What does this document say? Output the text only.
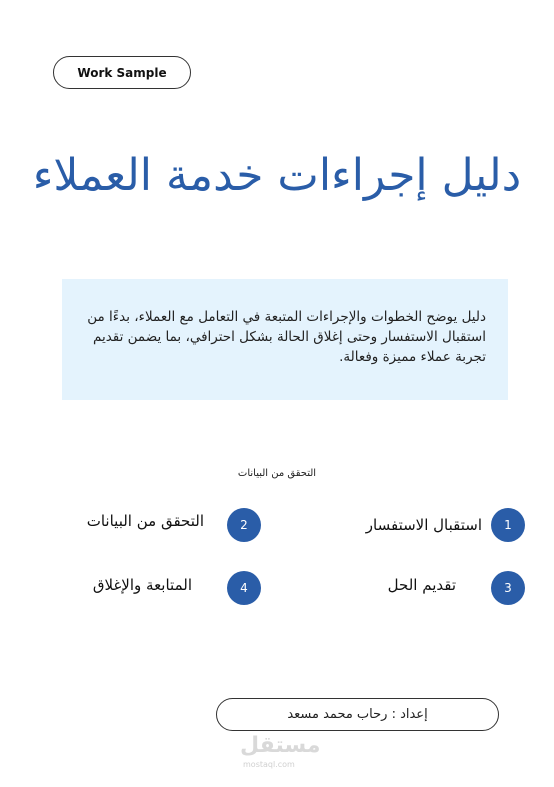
Work Sample
دليل إجراءات خدمة العملاء
دليل يوضح الخطوات والإجراءات المتبعة في التعامل مع العملاء، بدءًا من استقبال الاستفسار وحتى إغلاق الحالة بشكل احترافي، بما يضمن تقديم تجربة عملاء مميزة وفعالة.
التحقق من البيانات
1
استقبال الاستفسار
2
التحقق من البيانات
3
تقديم الحل
4
المتابعة والإغلاق
إعداد : رحاب محمد مسعد
مستقل
mostaql.com
